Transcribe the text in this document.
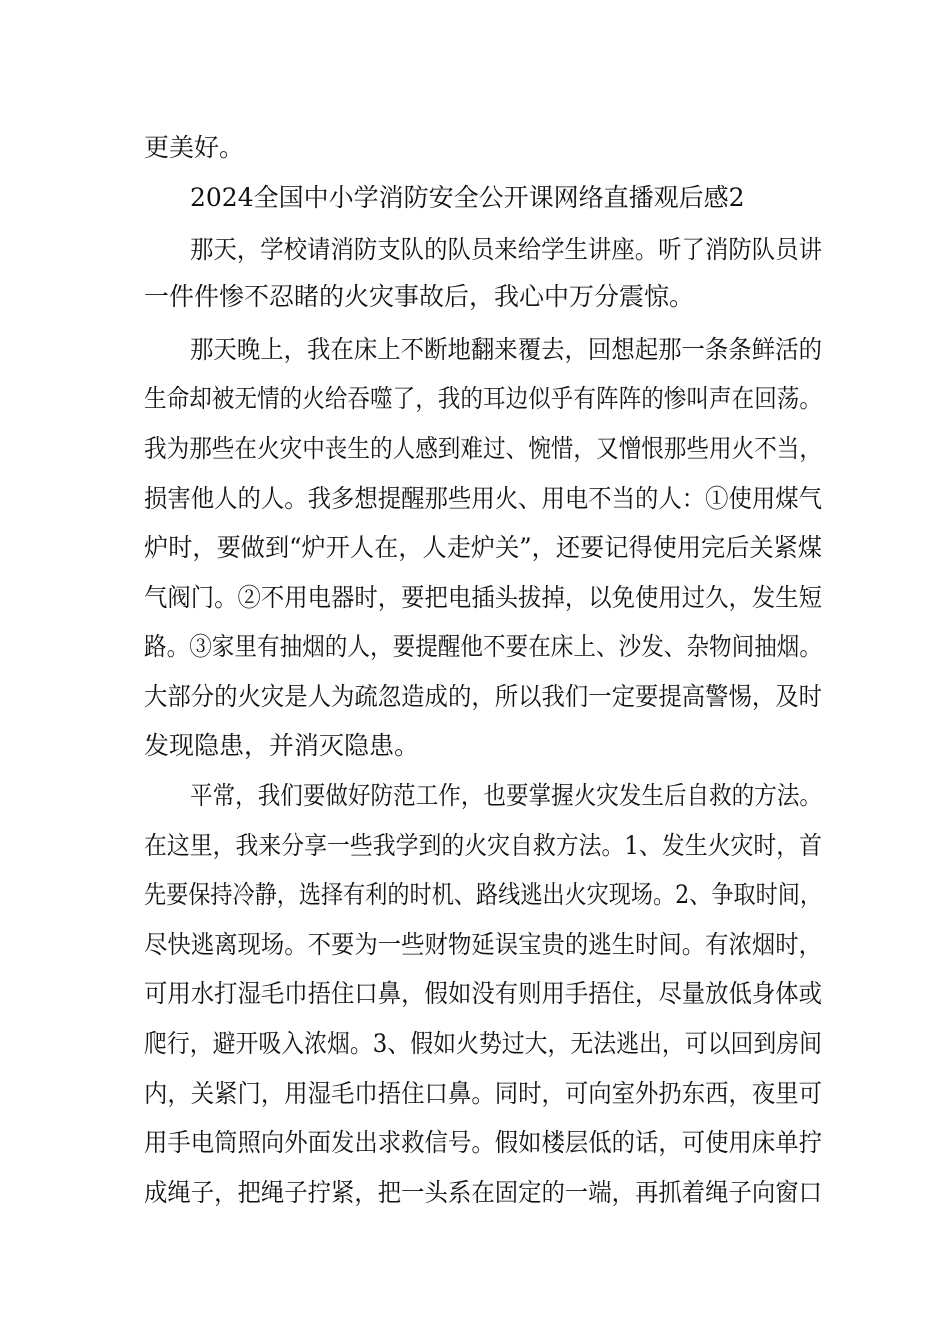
更美好。
2024全国中小学消防安全公开课网络直播观后感2
那天，学校请消防支队的队员来给学生讲座。听了消防队员讲
一件件惨不忍睹的火灾事故后，我心中万分震惊。
那天晚上，我在床上不断地翻来覆去，回想起那一条条鲜活的
生命却被无情的火给吞噬了，我的耳边似乎有阵阵的惨叫声在回荡。
我为那些在火灾中丧生的人感到难过、惋惜，又憎恨那些用火不当，
损害他人的人。我多想提醒那些用火、用电不当的人：①使用煤气
炉时，要做到“炉开人在，人走炉关”，还要记得使用完后关紧煤
气阀门。②不用电器时，要把电插头拔掉，以免使用过久，发生短
路。③家里有抽烟的人，要提醒他不要在床上、沙发、杂物间抽烟。
大部分的火灾是人为疏忽造成的，所以我们一定要提高警惕，及时
发现隐患，并消灭隐患。
平常，我们要做好防范工作，也要掌握火灾发生后自救的方法。
在这里，我来分享一些我学到的火灾自救方法。1、发生火灾时，首
先要保持冷静，选择有利的时机、路线逃出火灾现场。2、争取时间，
尽快逃离现场。不要为一些财物延误宝贵的逃生时间。有浓烟时，
可用水打湿毛巾捂住口鼻，假如没有则用手捂住，尽量放低身体或
爬行，避开吸入浓烟。3、假如火势过大，无法逃出，可以回到房间
内，关紧门，用湿毛巾捂住口鼻。同时，可向室外扔东西，夜里可
用手电筒照向外面发出求救信号。假如楼层低的话，可使用床单拧
成绳子，把绳子拧紧，把一头系在固定的一端，再抓着绳子向窗口
